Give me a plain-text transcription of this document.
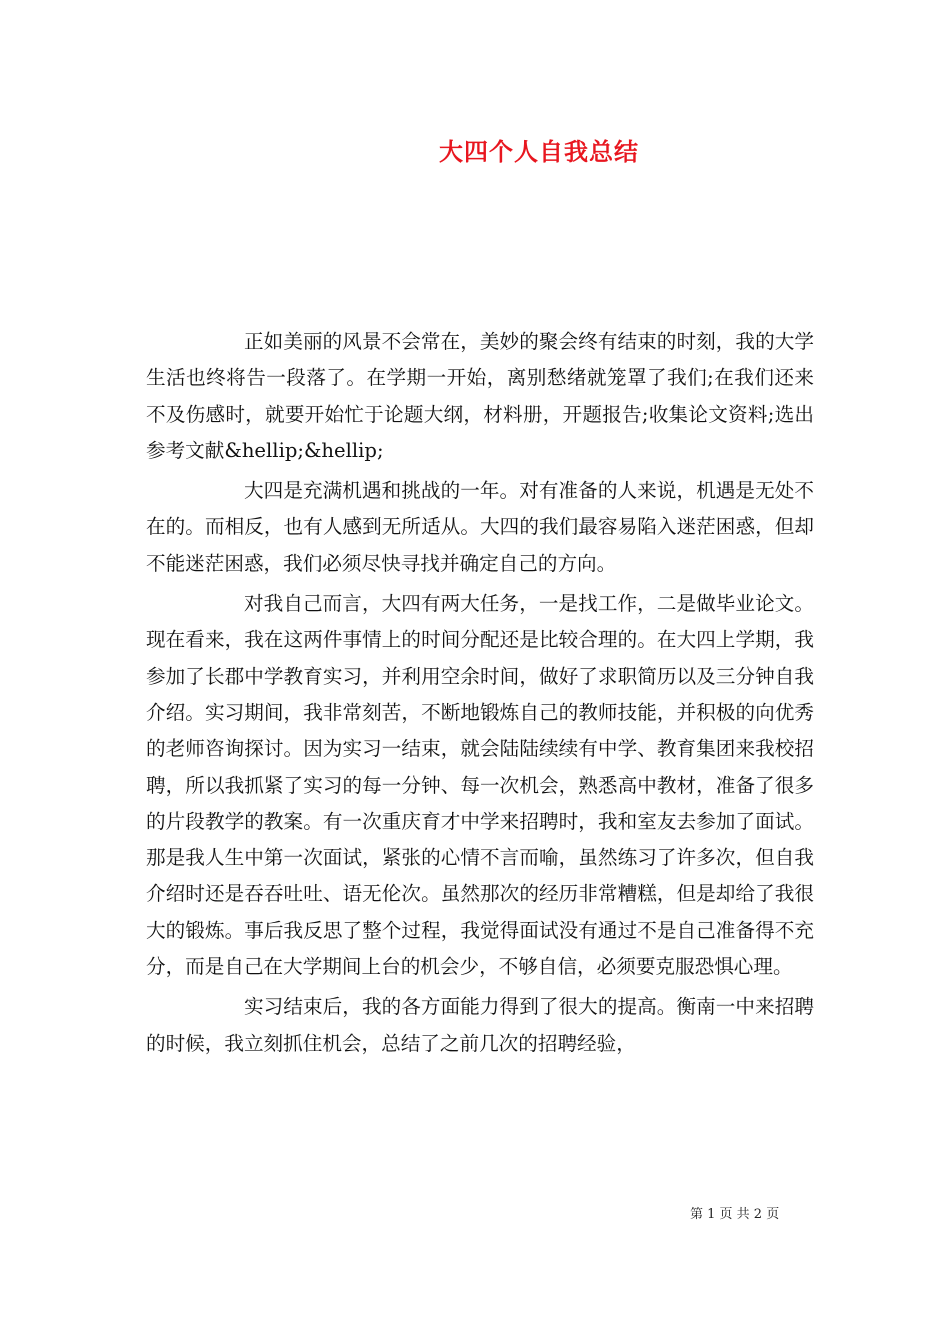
大四个人自我总结

正如美丽的风景不会常在，美妙的聚会终有结束的时刻，我的大学生活也终将告一段落了。在学期一开始，离别愁绪就笼罩了我们;在我们还来不及伤感时，就要开始忙于论题大纲，材料册，开题报告;收集论文资料;选出参考文献&hellip;&hellip;

大四是充满机遇和挑战的一年。对有准备的人来说，机遇是无处不在的。而相反，也有人感到无所适从。大四的我们最容易陷入迷茫困惑，但却不能迷茫困惑，我们必须尽快寻找并确定自己的方向。

对我自己而言，大四有两大任务，一是找工作，二是做毕业论文。现在看来，我在这两件事情上的时间分配还是比较合理的。在大四上学期，我参加了长郡中学教育实习，并利用空余时间，做好了求职简历以及三分钟自我介绍。实习期间，我非常刻苦，不断地锻炼自己的教师技能，并积极的向优秀的老师咨询探讨。因为实习一结束，就会陆陆续续有中学、教育集团来我校招聘，所以我抓紧了实习的每一分钟、每一次机会，熟悉高中教材，准备了很多的片段教学的教案。有一次重庆育才中学来招聘时，我和室友去参加了面试。那是我人生中第一次面试，紧张的心情不言而喻，虽然练习了许多次，但自我介绍时还是吞吞吐吐、语无伦次。虽然那次的经历非常糟糕，但是却给了我很大的锻炼。事后我反思了整个过程，我觉得面试没有通过不是自己准备得不充分，而是自己在大学期间上台的机会少，不够自信，必须要克服恐惧心理。

实习结束后，我的各方面能力得到了很大的提高。衡南一中来招聘的时候，我立刻抓住机会，总结了之前几次的招聘经验，

第 1 页 共 2 页
